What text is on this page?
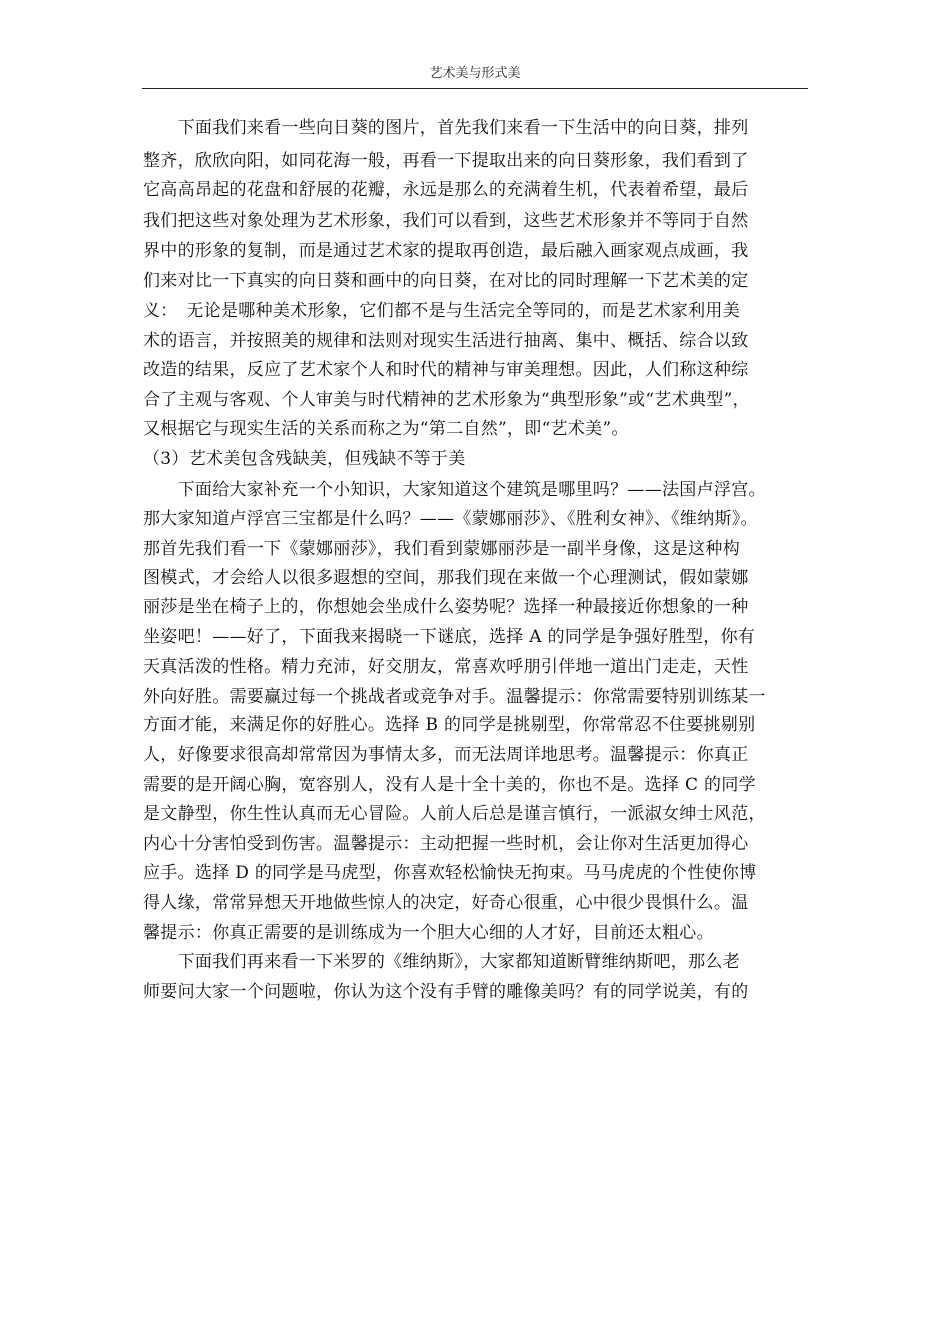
艺术美与形式美
　　下面我们来看一些向日葵的图片，首先我们来看一下生活中的向日葵，排列
整齐，欣欣向阳，如同花海一般，再看一下提取出来的向日葵形象，我们看到了
它高高昂起的花盘和舒展的花瓣，永远是那么的充满着生机，代表着希望，最后
我们把这些对象处理为艺术形象，我们可以看到，这些艺术形象并不等同于自然
界中的形象的复制，而是通过艺术家的提取再创造，最后融入画家观点成画，我
们来对比一下真实的向日葵和画中的向日葵，在对比的同时理解一下艺术美的定
义：　无论是哪种美术形象，它们都不是与生活完全等同的，而是艺术家利用美
术的语言，并按照美的规律和法则对现实生活进行抽离、集中、概括、综合以致
改造的结果，反应了艺术家个人和时代的精神与审美理想。因此，人们称这种综
合了主观与客观、个人审美与时代精神的艺术形象为“典型形象”或“艺术典型”，
又根据它与现实生活的关系而称之为“第二自然”，即“艺术美”。
（3）艺术美包含残缺美，但残缺不等于美
　　下面给大家补充一个小知识，大家知道这个建筑是哪里吗？——法国卢浮宫。
那大家知道卢浮宫三宝都是什么吗？——《蒙娜丽莎》、《胜利女神》、《维纳斯》。
那首先我们看一下《蒙娜丽莎》，我们看到蒙娜丽莎是一副半身像，这是这种构
图模式，才会给人以很多遐想的空间，那我们现在来做一个心理测试，假如蒙娜
丽莎是坐在椅子上的，你想她会坐成什么姿势呢？选择一种最接近你想象的一种
坐姿吧！——好了，下面我来揭晓一下谜底，选择 A 的同学是争强好胜型，你有
天真活泼的性格。精力充沛，好交朋友，常喜欢呼朋引伴地一道出门走走，天性
外向好胜。需要赢过每一个挑战者或竞争对手。温馨提示：你常需要特别训练某一
方面才能，来满足你的好胜心。选择 B 的同学是挑剔型，你常常忍不住要挑剔别
人，好像要求很高却常常因为事情太多，而无法周详地思考。温馨提示：你真正
需要的是开阔心胸，宽容别人，没有人是十全十美的，你也不是。选择 C 的同学
是文静型，你生性认真而无心冒险。人前人后总是谨言慎行，一派淑女绅士风范，
内心十分害怕受到伤害。温馨提示：主动把握一些时机，会让你对生活更加得心
应手。选择 D 的同学是马虎型，你喜欢轻松愉快无拘束。马马虎虎的个性使你博
得人缘，常常异想天开地做些惊人的决定，好奇心很重，心中很少畏惧什么。温
馨提示：你真正需要的是训练成为一个胆大心细的人才好，目前还太粗心。
　　下面我们再来看一下米罗的《维纳斯》，大家都知道断臂维纳斯吧，那么老
师要问大家一个问题啦，你认为这个没有手臂的雕像美吗？有的同学说美，有的
